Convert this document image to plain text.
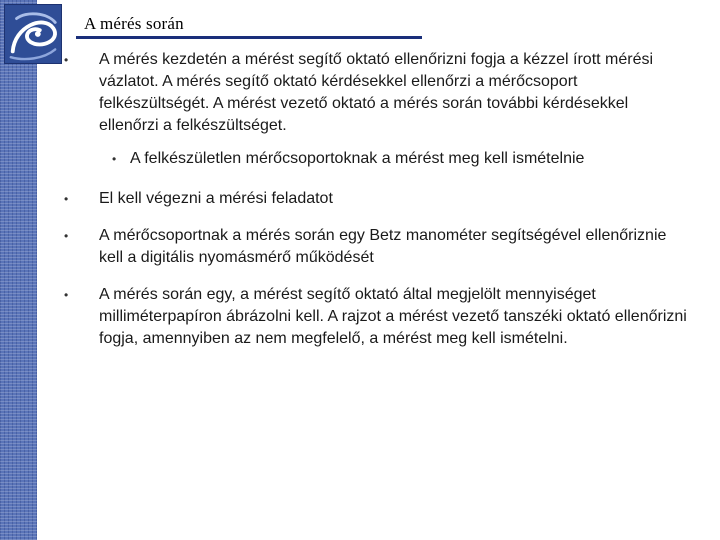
A mérés során
• A mérés kezdetén a mérést segítő oktató ellenőrizni fogja a kézzel írott mérési vázlatot. A mérés segítő oktató kérdésekkel ellenőrzi a mérőcsoport felkészültségét. A mérést vezető oktató a mérés során további kérdésekkel ellenőrzi a felkészültséget.
• A felkészületlen mérőcsoportoknak a mérést meg kell ismételnie
• El kell végezni a mérési feladatot
• A mérőcsoportnak a mérés során egy Betz manométer segítségével ellenőriznie kell a digitális nyomásmérő működését
• A mérés során egy, a mérést segítő oktató által megjelölt mennyiséget milliméterpapíron ábrázolni kell. A rajzot a mérést vezető tanszéki oktató ellenőrizni fogja, amennyiben az nem megfelelő, a mérést meg kell ismételni.
